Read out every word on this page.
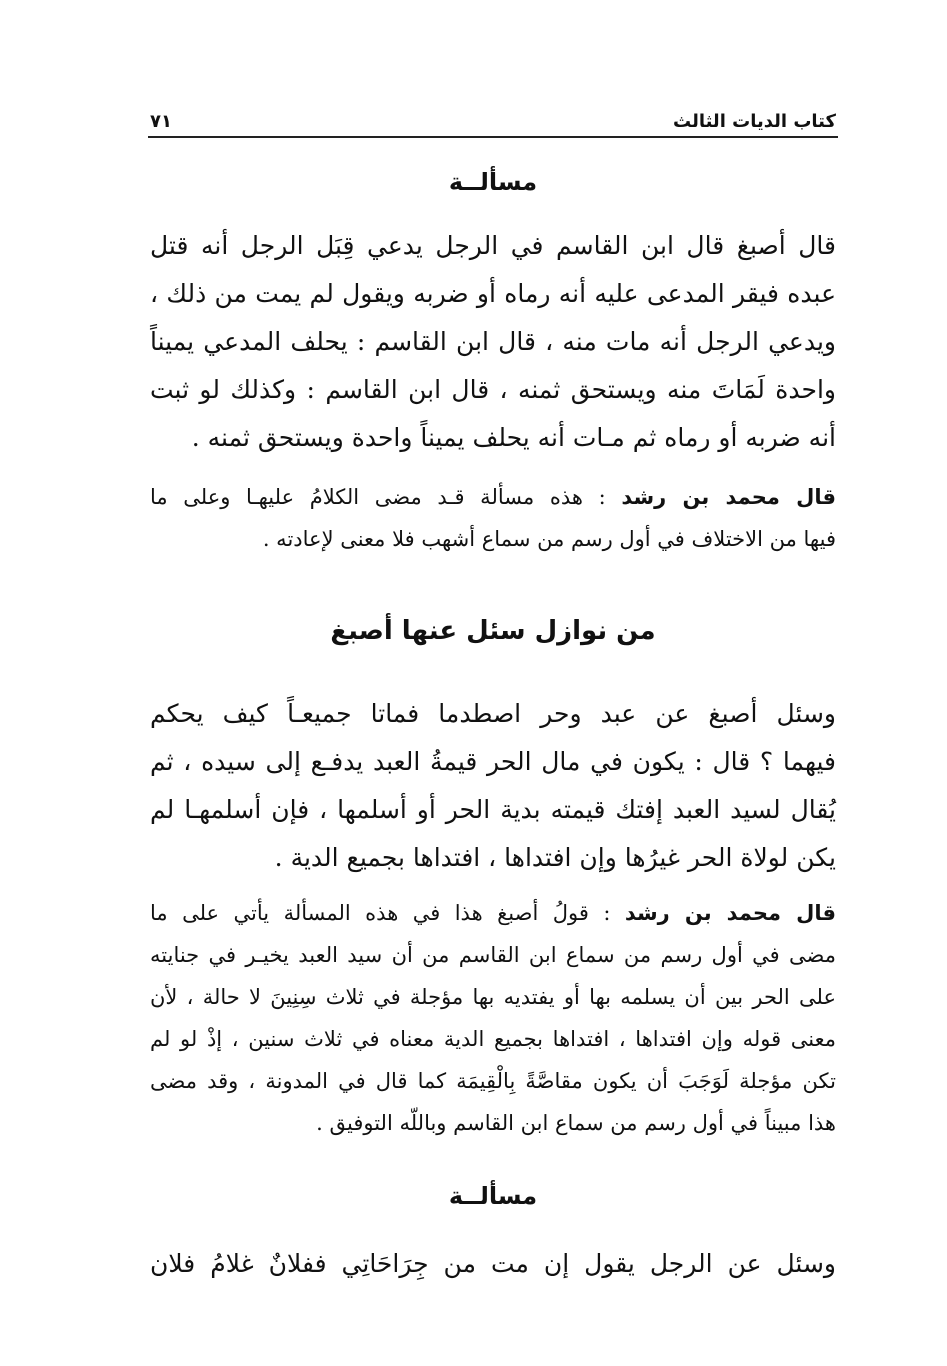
كتاب الديات الثالث
٧١
مسألــة
قال أصبغ قال ابن القاسم في الرجل يدعي قِبَل الرجل أنه قتل
عبده فيقر المدعى عليه أنه رماه أو ضربه ويقول لم يمت من ذلك ،
ويدعي الرجل أنه مات منه ، قال ابن القاسم : يحلف المدعي يميناً
واحدة لَمَاتَ منه ويستحق ثمنه ، قال ابن القاسم : وكذلك لو ثبت
أنه ضربه أو رماه ثم مـات أنه يحلف يميناً واحدة ويستحق ثمنه .
قال محمد بن رشد : هذه مسألة قـد مضى الكلامُ عليهـا وعلى ما
فيها من الاختلاف في أول رسم من سماع أشهب فلا معنى لإعادته .
من نوازل سئل عنها أصبغ
وسئل أصبغ عن عبد وحر اصطدما فماتا جميعـاً كيف يحكم
فيهما ؟ قال : يكون في مال الحر قيمةُ العبد يدفـع إلى سيده ، ثم
يُقال لسيد العبد إفتك قيمته بدية الحر أو أسلمها ، فإن أسلمهـا لم
يكن لولاة الحر غيرُها وإن افتداها ، افتداها بجميع الدية .
قال محمد بن رشد : قولُ أصبغ هذا في هذه المسألة يأتي على ما
مضى في أول رسم من سماع ابن القاسم من أن سيد العبد يخيـر في جنايته
على الحر بين أن يسلمه بها أو يفتديه بها مؤجلة في ثلاث سِنِينَ لا حالة ، لأن
معنى قوله وإن افتداها ، افتداها بجميع الدية معناه في ثلاث سنين ، إذْ لو لم
تكن مؤجلة لَوَجَبَ أن يكون مقاصَّةً بِالْقِيمَة كما قال في المدونة ، وقد مضى
هذا مبيناً في أول رسم من سماع ابن القاسم وباللّه التوفيق .
مسألــة
وسئل عن الرجل يقول إن مت من جِرَاحَاتِي ففلانٌ غلامُ فلان
